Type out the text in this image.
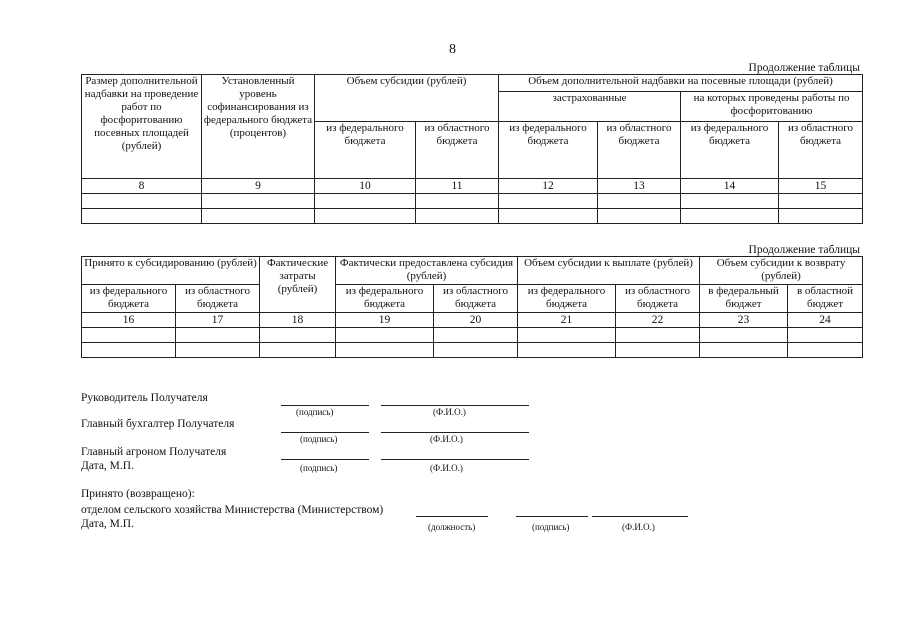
8
Продолжение таблицы
Размер дополнительной надбавки на проведение работ по фосфоритованию посевных площадей (рублей)	Установленный уровень софинансирования из федерального бюджета (процентов)	Объем субсидии (рублей)		Объем дополнительной надбавки на посевные площади (рублей)			
				застрахованные		на которых проведены работы по фосфоритованию	
		из федерального бюджета	из областного бюджета	из федерального бюджета	из областного бюджета	из федерального бюджета	из областного бюджета
8	9	10	11	12	13	14	15

Продолжение таблицы
Принято к субсидированию (рублей)		Фактические затраты (рублей)	Фактически предоставлена субсидия (рублей)		Объем субсидии к выплате (рублей)		Объем субсидии к возврату (рублей)	
из федерального бюджета	из областного бюджета		из федерального бюджета	из областного бюджета	из федерального бюджета	из областного бюджета	в федеральный бюджет	в областной бюджет
16	17	18	19	20	21	22	23	24

Руководитель Получателя
(подпись)	(Ф.И.О.)
Главный бухгалтер Получателя
(подпись)	(Ф.И.О.)
Главный агроном Получателя
Дата, М.П.	(подпись)	(Ф.И.О.)
Принято (возвращено):
отделом сельского хозяйства Министерства (Министерством)
Дата, М.П.	(должность)	(подпись)	(Ф.И.О.)
